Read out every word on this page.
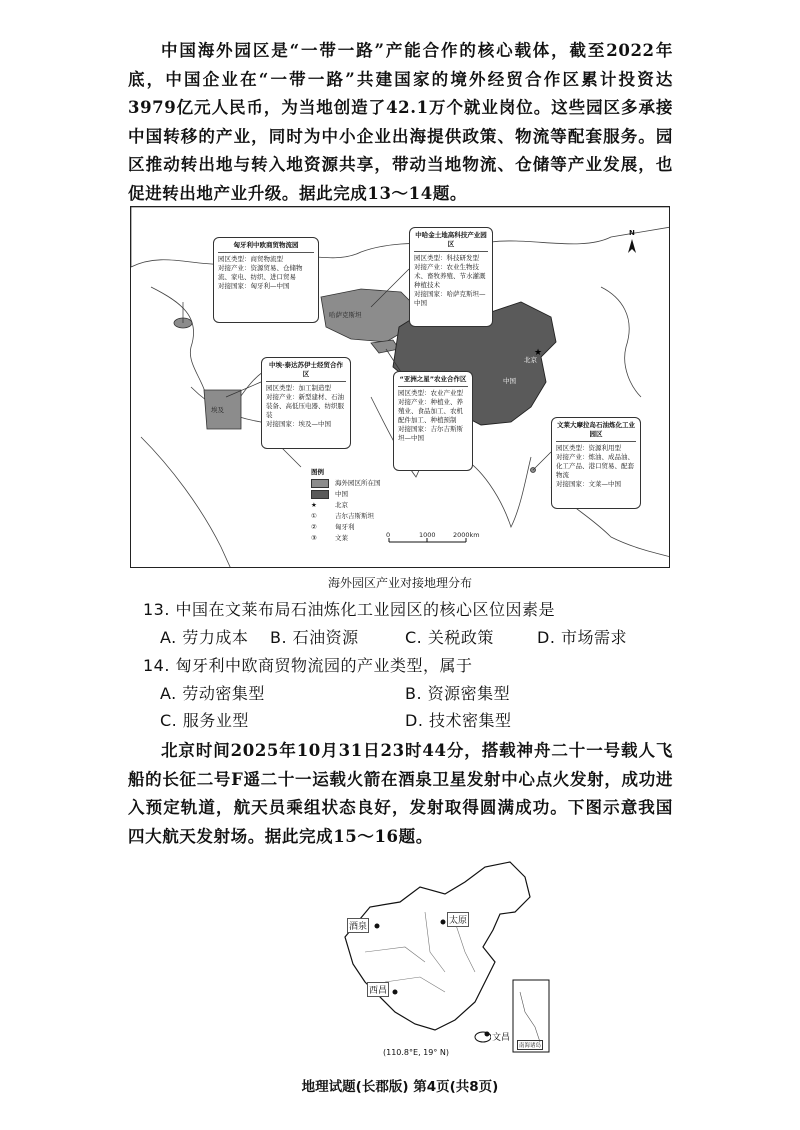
中国海外园区是“一带一路”产能合作的核心载体，截至2022年底，中国企业在“一带一路”共建国家的境外经贸合作区累计投资达3979亿元人民币，为当地创造了42.1万个就业岗位。这些园区多承接中国转移的产业，同时为中小企业出海提供政策、物流等配套服务。园区推动转出地与转入地资源共享，带动当地物流、仓储等产业发展，也促进转出地产业升级。据此完成13～14题。

★
N
哈萨克斯坦
中国
北京
埃及
0	1000	2000km
匈牙利中欧商贸物流园
园区类型：商贸物流型
对接产业：资源贸易、仓储物流、家电、纺织、进口贸易
对接国家：匈牙利—中国
中哈金土地高科技产业园区
园区类型：科技研发型
对接产业：农业生物技术、畜牧养殖、节水灌溉种植技术
对接国家：哈萨克斯坦—中国
中埃·泰达苏伊士经贸合作区
园区类型：加工制造型
对接产业：新型建材、石油装备、高低压电器、纺织服装
对接国家：埃及—中国
“亚洲之星”农业合作区
园区类型：农业产业型
对接产业：种植业、养殖业、食品加工、农机配件加工、种植预制
对接国家：吉尔吉斯斯坦—中国
文莱大摩拉岛石油炼化工业园区
园区类型：资源利用型
对接产业：炼油、成品油、化工产品、港口贸易、配套物流
对接国家：文莱—中国
图例
海外园区所在国
中国
★	北京
①	吉尔吉斯斯坦
②	匈牙利
③	文莱
海外园区产业对接地理分布
13. 中国在文莱布局石油炼化工业园区的核心区位因素是
A. 劳力成本 B. 石油资源	C. 关税政策	D. 市场需求
14. 匈牙利中欧商贸物流园的产业类型，属于
A. 劳动密集型	B. 资源密集型
C. 服务业型	D. 技术密集型

北京时间2025年10月31日23时44分，搭载神舟二十一号载人飞船的长征二号F遥二十一运载火箭在酒泉卫星发射中心点火发射，成功进入预定轨道，航天员乘组状态良好，发射取得圆满成功。下图示意我国四大航天发射场。据此完成15～16题。

酒泉
太原
西昌
文昌
(110.8°E, 19° N)
南海诸岛
地理试题(长郡版) 第4页(共8页)
